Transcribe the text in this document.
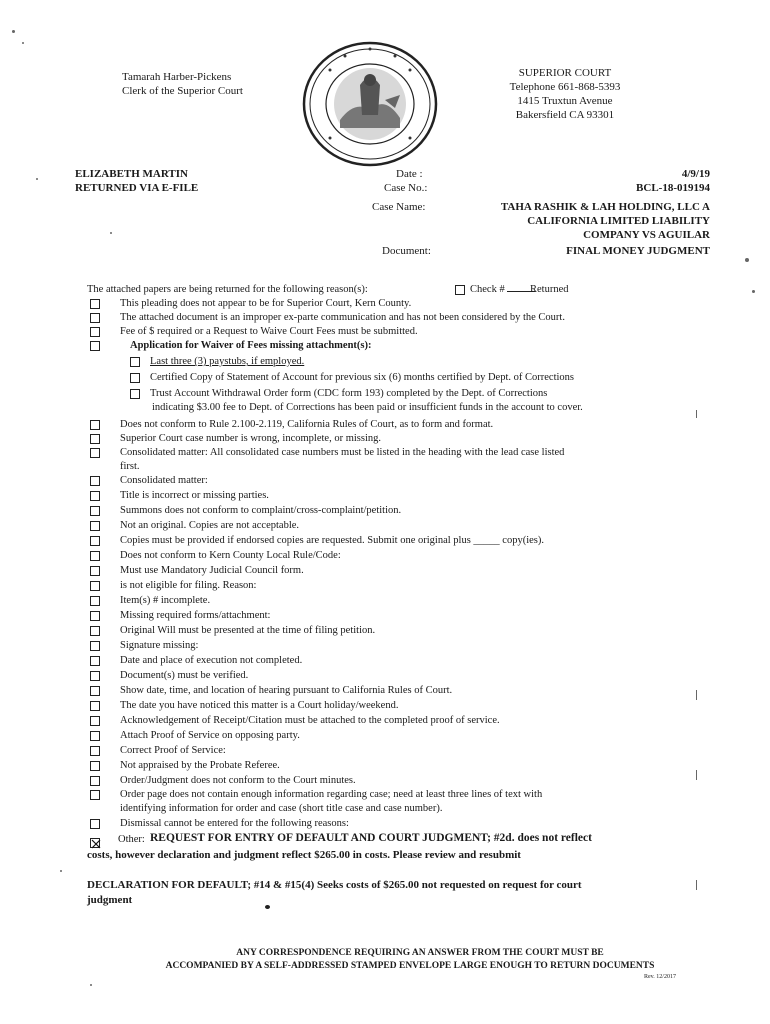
Tamarah Harber-Pickens
Clerk of the Superior Court
SUPERIOR COURT
Telephone 661-868-5393
1415 Truxtun Avenue
Bakersfield CA 93301
ELIZABETH MARTIN
RETURNED VIA E-FILE
Date :	4/9/19
Case No.:	BCL-18-019194
Case Name:	TAHA RASHIK & LAH HOLDING, LLC A
CALIFORNIA LIMITED LIABILITY
COMPANY VS AGUILAR
Document:	FINAL MONEY JUDGMENT
The attached papers are being returned for the following reason(s):	Check #	Returned
This pleading does not appear to be for Superior Court, Kern County.
The attached document is an improper ex-parte communication and has not been considered by the Court.
Fee of $ required or a Request to Waive Court Fees must be submitted.
Application for Waiver of Fees missing attachment(s):
Last three (3) paystubs, if employed.
Certified Copy of Statement of Account for previous six (6) months certified by Dept. of Corrections
Trust Account Withdrawal Order form (CDC form 193) completed by the Dept. of Corrections
indicating $3.00 fee to Dept. of Corrections has been paid or insufficient funds in the account to cover.
Does not conform to Rule 2.100-2.119, California Rules of Court, as to form and format.
Superior Court case number is wrong, incomplete, or missing.
Consolidated matter: All consolidated case numbers must be listed in the heading with the lead case listed
Consolidated matter:
Title is incorrect or missing parties.
Summons does not conform to complaint/cross-complaint/petition.
Not an original. Copies are not acceptable.
Copies must be provided if endorsed copies are requested. Submit one original plus _____ copy(ies).
Does not conform to Kern County Local Rule/Code:
Must use Mandatory Judicial Council form.
is not eligible for filing. Reason:
Item(s) # incomplete.
Missing required forms/attachment:
Original Will must be presented at the time of filing petition.
Signature missing:
Date and place of execution not completed.
Document(s) must be verified.
Show date, time, and location of hearing pursuant to California Rules of Court.
The date you have noticed this matter is a Court holiday/weekend.
Acknowledgement of Receipt/Citation must be attached to the completed proof of service.
Attach Proof of Service on opposing party.
Correct Proof of Service:
Not appraised by the Probate Referee.
Order/Judgment does not conform to the Court minutes.
Order page does not contain enough information regarding case; need at least three lines of text with
Dismissal cannot be entered for the following reasons:
first.
identifying information for order and case (short title case and case number).
Other: REQUEST FOR ENTRY OF DEFAULT AND COURT JUDGMENT; #2d. does not reflect
costs, however declaration and judgment reflect $265.00 in costs. Please review and resubmit
DECLARATION FOR DEFAULT; #14 & #15(4) Seeks costs of $265.00 not requested on request for court
judgment
ANY CORRESPONDENCE REQUIRING AN ANSWER FROM THE COURT MUST BE
ACCOMPANIED BY A SELF-ADDRESSED STAMPED ENVELOPE LARGE ENOUGH TO RETURN DOCUMENTS
Rev. 12/2017
